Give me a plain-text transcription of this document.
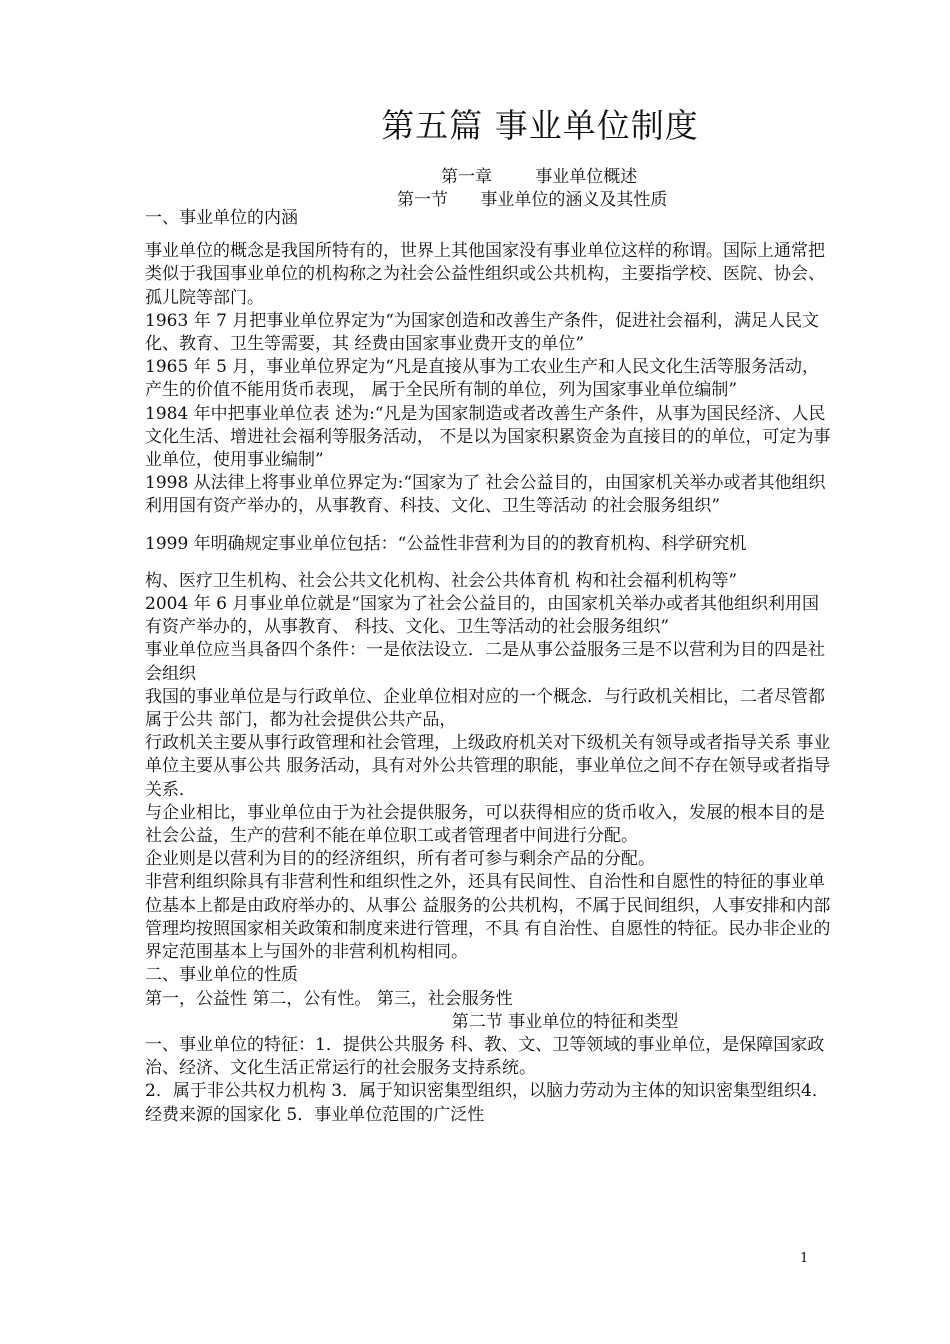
第五篇 事业单位制度
第一章        事业单位概述
第一节      事业单位的涵义及其性质

一、事业单位的内涵

事业单位的概念是我国所特有的，世界上其他国家没有事业单位这样的称谓。国际上通常把类似于我国事业单位的机构称之为社会公益性组织或公共机构，主要指学校、医院、协会、孤儿院等部门。

1963 年 7 月把事业单位界定为“为国家创造和改善生产条件，促进社会福利，满足人民文化、教育、卫生等需要，其 经费由国家事业费开支的单位”

1965 年 5 月，事业单位界定为“凡是直接从事为工农业生产和人民文化生活等服务活动，产生的价值不能用货币表现， 属于全民所有制的单位，列为国家事业单位编制”

1984 年中把事业单位表 述为:“凡是为国家制造或者改善生产条件，从事为国民经济、人民文化生活、增进社会福利等服务活动， 不是以为国家积累资金为直接目的的单位，可定为事业单位，使用事业编制”

1998 从法律上将事业单位界定为:“国家为了 社会公益目的，由国家机关举办或者其他组织利用国有资产举办的，从事教育、科技、文化、卫生等活动 的社会服务组织”

1999 年明确规定事业单位包括：“公益性非营利为目的的教育机构、科学研究机

构、医疗卫生机构、社会公共文化机构、社会公共体育机 构和社会福利机构等”

2004 年 6 月事业单位就是“国家为了社会公益目的，由国家机关举办或者其他组织利用国有资产举办的，从事教育、 科技、文化、卫生等活动的社会服务组织”

事业单位应当具备四个条件：一是依法设立．二是从事公益服务三是不以营利为目的四是社会组织

我国的事业单位是与行政单位、企业单位相对应的一个概念．与行政机关相比，二者尽管都属于公共 部门，都为社会提供公共产品，

行政机关主要从事行政管理和社会管理，上级政府机关对下级机关有领导或者指导关系 事业单位主要从事公共 服务活动，具有对外公共管理的职能，事业单位之间不存在领导或者指导关系．

与企业相比，事业单位由于为社会提供服务，可以获得相应的货币收入，发展的根本目的是社会公益，生产的营利不能在单位职工或者管理者中间进行分配。

企业则是以营利为目的的经济组织，所有者可参与剩余产品的分配。

非营利组织除具有非营利性和组织性之外，还具有民间性、自治性和自愿性的特征的事业单位基本上都是由政府举办的、从事公 益服务的公共机构，不属于民间组织，人事安排和内部管理均按照国家相关政策和制度来进行管理，不具 有自治性、自愿性的特征。民办非企业的界定范围基本上与国外的非营利机构相同。

二、事业单位的性质

第一，公益性 第二，公有性。 第三，社会服务性

第二节 事业单位的特征和类型

一、事业单位的特征：1．提供公共服务 科、教、文、卫等领域的事业单位，是保障国家政治、经济、文化生活正常运行的社会服务支持系统。

2．属于非公共权力机构 3．属于知识密集型组织，以脑力劳动为主体的知识密集型组织4．经费来源的国家化 5．事业单位范围的广泛性

1
